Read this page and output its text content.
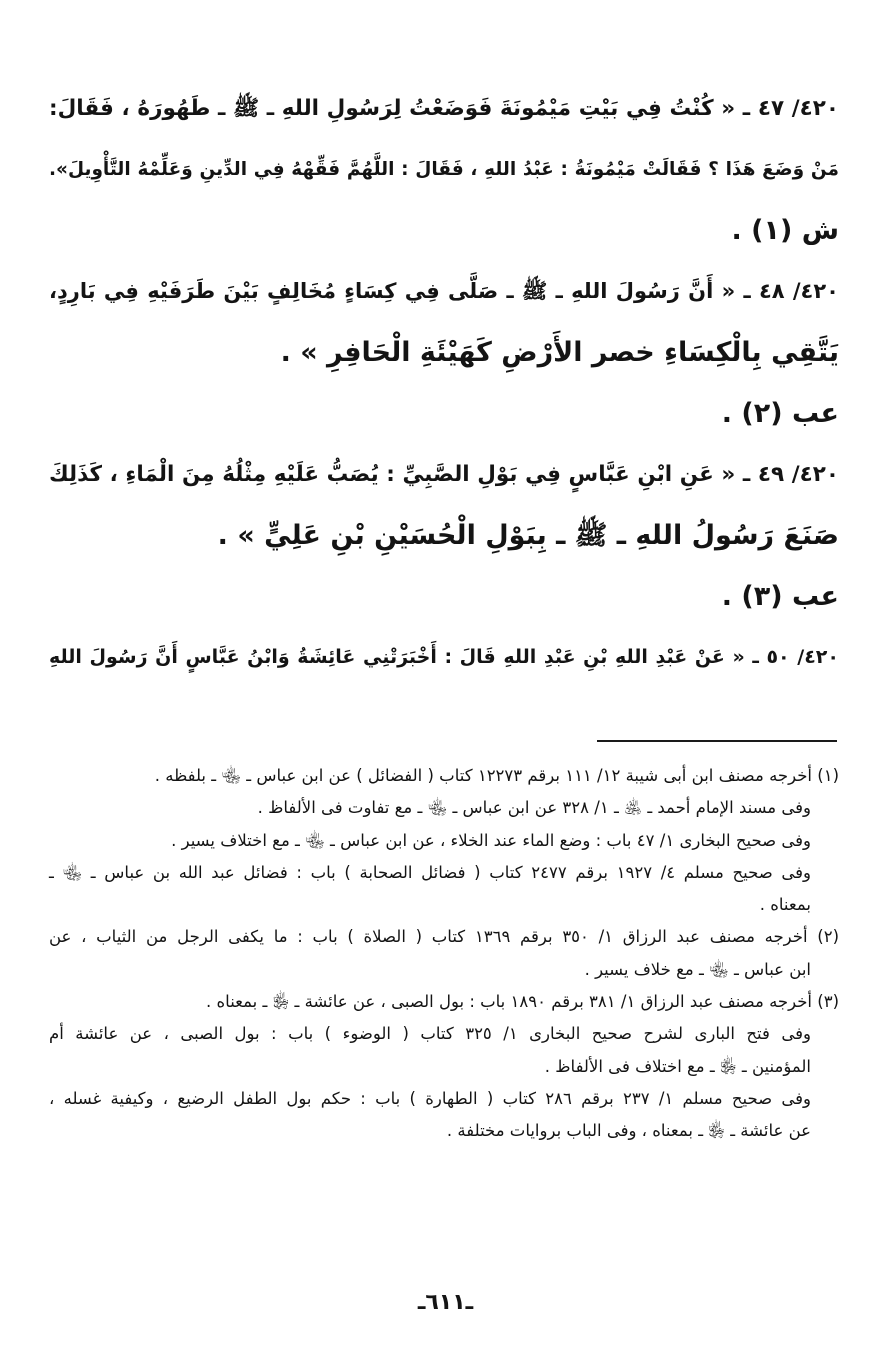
٤٢٠/ ٤٧ ـ « كُنْتُ فِي بَيْتِ مَيْمُونَةَ فَوَضَعْتُ لِرَسُولِ اللهِ ـ ﷺ ـ طَهُورَهُ ، فَقَالَ:
مَنْ وَضَعَ هَذَا ؟ فَقَالَتْ مَيْمُونَةُ : عَبْدُ اللهِ ، فَقَالَ : اللَّهُمَّ فَقِّهْهُ فِي الدِّينِ وَعَلِّمْهُ التَّأْوِيلَ».
ش (١) .
٤٢٠/ ٤٨ ـ « أَنَّ رَسُولَ اللهِ ـ ﷺ ـ صَلَّى فِي كِسَاءٍ مُخَالِفٍ بَيْنَ طَرَفَيْهِ فِي بَارِدٍ،
يَتَّقِي بِالْكِسَاءِ خصر الأَرْضِ كَهَيْئَةِ الْحَافِرِ » .
عب (٢) .
٤٢٠/ ٤٩ ـ « عَنِ ابْنِ عَبَّاسٍ فِي بَوْلِ الصَّبِيِّ : يُصَبُّ عَلَيْهِ مِثْلُهُ مِنَ الْمَاءِ ، كَذَلِكَ
صَنَعَ رَسُولُ اللهِ ـ ﷺ ـ بِبَوْلِ الْحُسَيْنِ بْنِ عَلِيٍّ » .
عب (٣) .
٤٢٠/ ٥٠ ـ « عَنْ عَبْدِ اللهِ بْنِ عَبْدِ اللهِ قَالَ : أَخْبَرَتْنِي عَائِشَةُ وَابْنُ عَبَّاسٍ أَنَّ رَسُولَ اللهِ
(١) أخرجه مصنف ابن أبى شيبة ١٢/ ١١١ برقم ١٢٢٧٣ كتاب ( الفضائل ) عن ابن عباس ـ ﵄ ـ بلفظه .
وفى مسند الإمام أحمد ـ ﵁ ـ ١/ ٣٢٨ عن ابن عباس ـ ﵄ ـ مع تفاوت فى الألفاظ .
وفى صحيح البخارى ١/ ٤٧ باب : وضع الماء عند الخلاء ، عن ابن عباس ـ ﵄ ـ مع اختلاف يسير .
وفى صحيح مسلم ٤/ ١٩٢٧ برقم ٢٤٧٧ كتاب ( فضائل الصحابة ) باب : فضائل عبد الله بن عباس ـ ﵄ ـ
بمعناه .
(٢) أخرجه مصنف عبد الرزاق ١/ ٣٥٠ برقم ١٣٦٩ كتاب ( الصلاة ) باب : ما يكفى الرجل من الثياب ، عن
ابن عباس ـ ﵄ ـ مع خلاف يسير .
(٣) أخرجه مصنف عبد الرزاق ١/ ٣٨١ برقم ١٨٩٠ باب : بول الصبى ، عن عائشة ـ ﵂ ـ بمعناه .
وفى فتح البارى لشرح صحيح البخارى ١/ ٣٢٥ كتاب ( الوضوء ) باب : بول الصبى ، عن عائشة أم
المؤمنين ـ ﵂ ـ مع اختلاف فى الألفاظ .
وفى صحيح مسلم ١/ ٢٣٧ برقم ٢٨٦ كتاب ( الطهارة ) باب : حكم بول الطفل الرضيع ، وكيفية غسله ،
عن عائشة ـ ﵂ ـ بمعناه ، وفى الباب بروايات مختلفة .
ـ٦١١ـ
